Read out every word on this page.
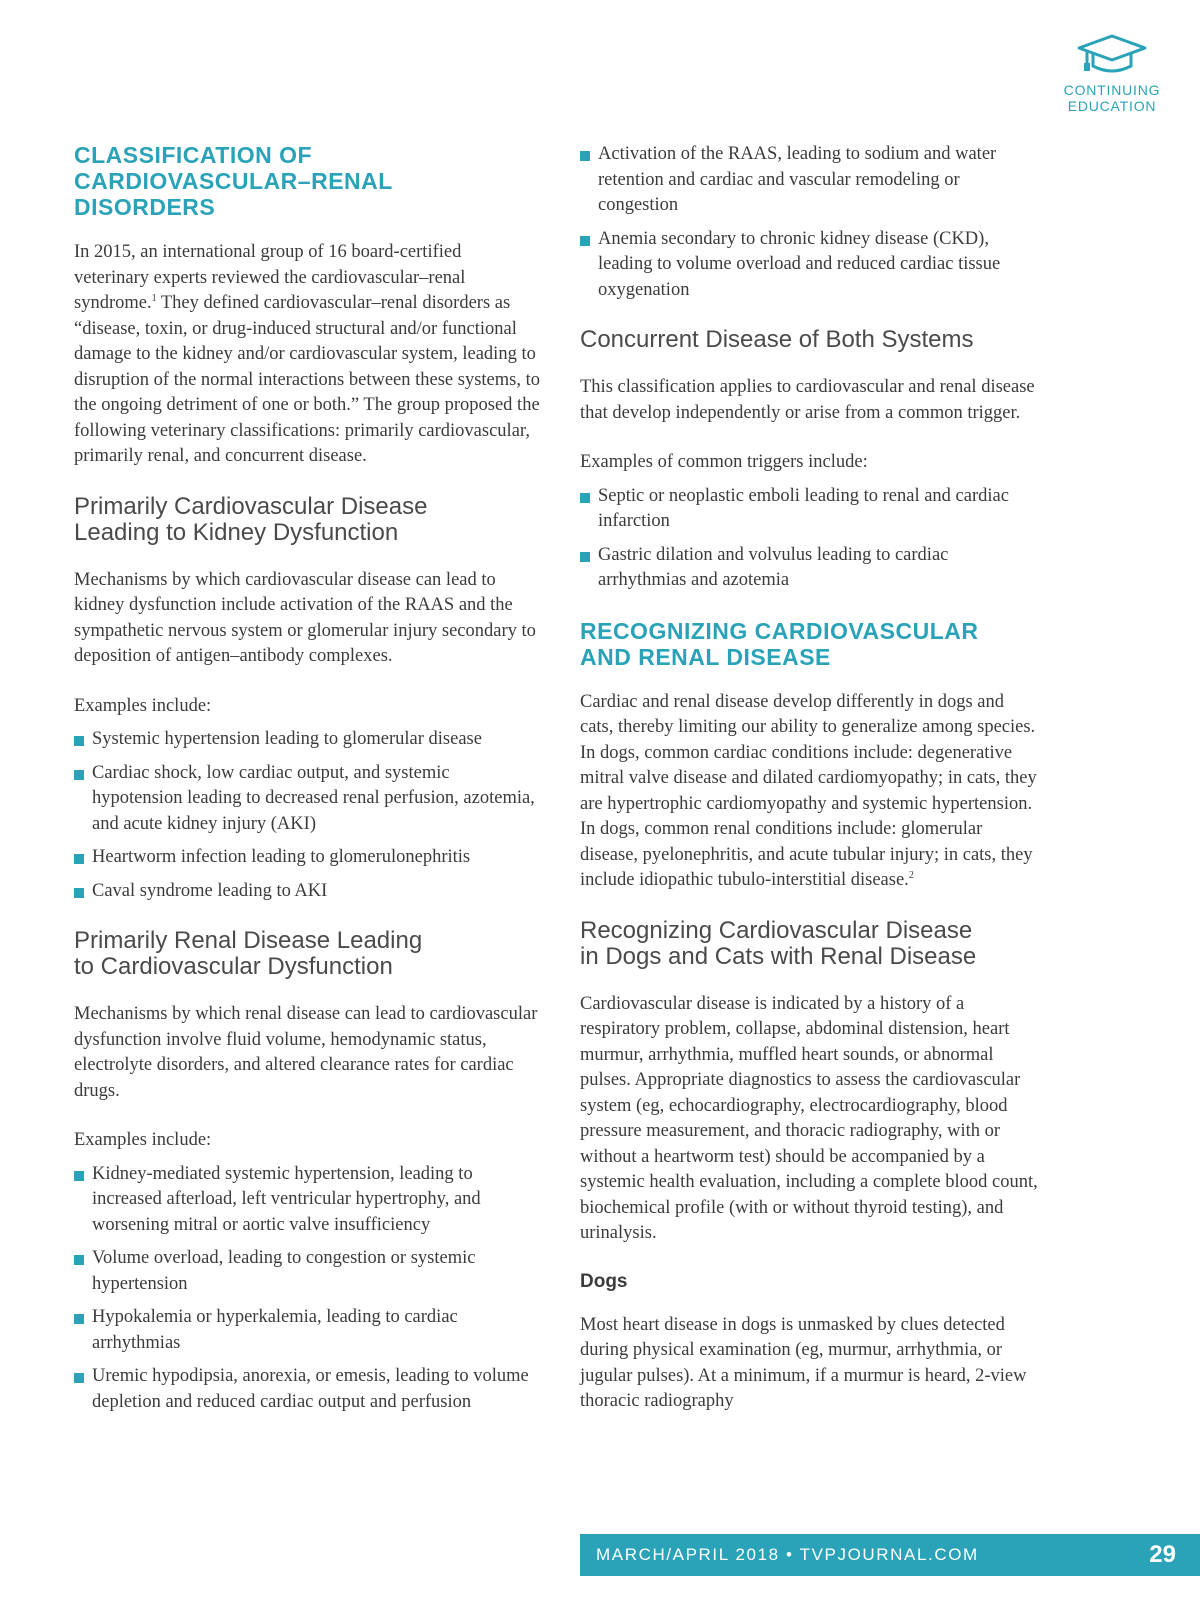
CONTINUING
EDUCATION
CLASSIFICATION OF
CARDIOVASCULAR–RENAL
DISORDERS

In 2015, an international group of 16 board-certified veterinary experts reviewed the cardiovascular–renal syndrome.$^1$ They defined cardiovascular–renal disorders as “disease, toxin, or drug-induced structural and/or functional damage to the kidney and/or cardiovascular system, leading to disruption of the normal interactions between these systems, to the ongoing detriment of one or both.” The group proposed the following veterinary classifications: primarily cardiovascular, primarily renal, and concurrent disease.

Primarily Cardiovascular Disease
Leading to Kidney Dysfunction

Mechanisms by which cardiovascular disease can lead to kidney dysfunction include activation of the RAAS and the sympathetic nervous system or glomerular injury secondary to deposition of antigen–antibody complexes.

Examples include:

Systemic hypertension leading to glomerular disease
Cardiac shock, low cardiac output, and systemic hypotension leading to decreased renal perfusion, azotemia, and acute kidney injury (AKI)
Heartworm infection leading to glomerulonephritis
Caval syndrome leading to AKI
Primarily Renal Disease Leading
to Cardiovascular Dysfunction

Mechanisms by which renal disease can lead to cardiovascular dysfunction involve fluid volume, hemodynamic status, electrolyte disorders, and altered clearance rates for cardiac drugs.

Examples include:

Kidney-mediated systemic hypertension, leading to increased afterload, left ventricular hypertrophy, and worsening mitral or aortic valve insufficiency
Volume overload, leading to congestion or systemic hypertension
Hypokalemia or hyperkalemia, leading to cardiac arrhythmias
Uremic hypodipsia, anorexia, or emesis, leading to volume depletion and reduced cardiac output and perfusion
Activation of the RAAS, leading to sodium and water retention and cardiac and vascular remodeling or congestion
Anemia secondary to chronic kidney disease (CKD), leading to volume overload and reduced cardiac tissue oxygenation
Concurrent Disease of Both Systems

This classification applies to cardiovascular and renal disease that develop independently or arise from a common trigger.

Examples of common triggers include:

Septic or neoplastic emboli leading to renal and cardiac infarction
Gastric dilation and volvulus leading to cardiac arrhythmias and azotemia
RECOGNIZING CARDIOVASCULAR
AND RENAL DISEASE

Cardiac and renal disease develop differently in dogs and cats, thereby limiting our ability to generalize among species. In dogs, common cardiac conditions include: degenerative mitral valve disease and dilated cardiomyopathy; in cats, they are hypertrophic cardiomyopathy and systemic hypertension. In dogs, common renal conditions include: glomerular disease, pyelonephritis, and acute tubular injury; in cats, they include idiopathic tubulo-interstitial disease.$^2$

Recognizing Cardiovascular Disease
in Dogs and Cats with Renal Disease

Cardiovascular disease is indicated by a history of a respiratory problem, collapse, abdominal distension, heart murmur, arrhythmia, muffled heart sounds, or abnormal pulses. Appropriate diagnostics to assess the cardiovascular system (eg, echocardiography, electrocardiography, blood pressure measurement, and thoracic radiography, with or without a heartworm test) should be accompanied by a systemic health evaluation, including a complete blood count, biochemical profile (with or without thyroid testing), and urinalysis.

Dogs

Most heart disease in dogs is unmasked by clues detected during physical examination (eg, murmur, arrhythmia, or jugular pulses). At a minimum, if a murmur is heard, 2-view thoracic radiography

MARCH/APRIL 2018 • TVPJOURNAL.COM	29
